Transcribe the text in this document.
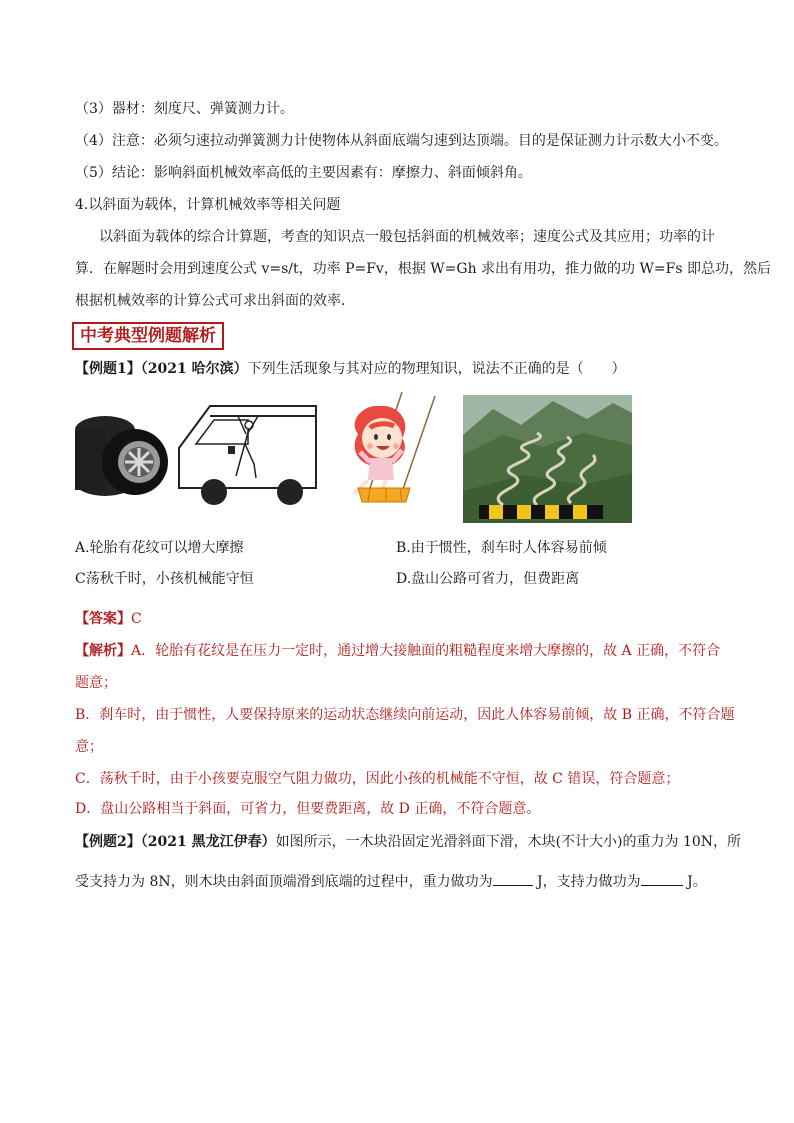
（3）器材：刻度尺、弹簧测力计。
（4）注意：必须匀速拉动弹簧测力计使物体从斜面底端匀速到达顶端。目的是保证测力计示数大小不变。
（5）结论：影响斜面机械效率高低的主要因素有：摩擦力、斜面倾斜角。
4.以斜面为载体，计算机械效率等相关问题
以斜面为载体的综合计算题，考查的知识点一般包括斜面的机械效率；速度公式及其应用；功率的计
算．在解题时会用到速度公式 v=s/t，功率 P=Fv，根据 W=Gh 求出有用功，推力做的功 W=Fs 即总功，然后
根据机械效率的计算公式可求出斜面的效率．
中考典型例题解析
【例题1】（2021 哈尔滨）下列生活现象与其对应的物理知识，说法不正确的是（　　）
A.轮胎有花纹可以增大摩擦	B.由于惯性，刹车时人体容易前倾
C荡秋千时，小孩机械能守恒	D.盘山公路可省力，但费距离
【答案】C
【解析】A．轮胎有花纹是在压力一定时，通过增大接触面的粗糙程度来增大摩擦的，故 A 正确，不符合
题意；
B．刹车时，由于惯性，人要保持原来的运动状态继续向前运动，因此人体容易前倾，故 B 正确，不符合题
意；
C．荡秋千时，由于小孩要克服空气阻力做功，因此小孩的机械能不守恒，故 C 错误，符合题意；
D．盘山公路相当于斜面，可省力，但要费距离，故 D 正确，不符合题意。
【例题2】（2021 黑龙江伊春）如图所示，一木块沿固定光滑斜面下滑，木块(不计大小)的重力为 10N，所
受支持力为 8N，则木块由斜面顶端滑到底端的过程中，重力做功为	J，支持力做功为	J。
